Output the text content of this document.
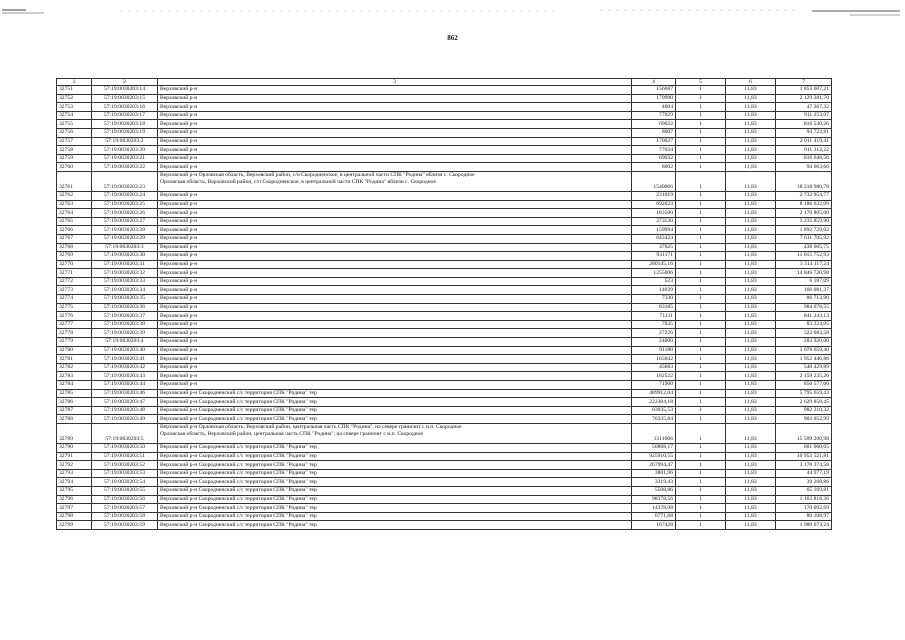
862
1	2	3	4	5	6	7
32751	57:19:0030203:14	Верховский р-н	156687	1	11,83	1 853 607,21
32752	57:19:0030203:15	Верховский р-н	179990	1	11,83	2 129 281,70
32753	57:19:0030203:16	Верховский р-н	4004	1	11,83	47 367,32
32754	57:19:0030203:17	Верховский р-н	77029	1	11,83	911 253,07
32755	57:19:0030203:18	Верховский р-н	69022	1	11,83	816 530,26
32756	57:19:0030203:19	Верховский р-н	8007	1	11,83	94 722,81
32757	57:19:0030203:2	Верховский р-н	170027	1	11,83	2 011 419,41
32758	57:19:0030203:20	Верховский р-н	77034	1	11,83	911 312,22
32759	57:19:0030203:21	Верховский р-н	69032	1	11,83	816 648,56
32760	57:19:0030203:22	Верховский р-н	8002	1	11,83	94 663,66
32761	57:19:0030203:23	Верховский р-н Орловская область, Верховский район, с/п Скородненское, в центральной части СПК "Родина" вблизи с. Скородное
Орловская область, Верховский район, с/п Скородненское, в центральной части СПК "Родина" вблизи с. Скородное	1540066	1	11,83	18 218 980,78
32762	57:19:0030203:24	Верховский р-н	231019	1	11,83	2 732 954,77
32763	57:19:0030203:25	Верховский р-н	692023	1	11,83	8 186 632,09
32764	57:19:0030203:26	Верховский р-н	183500	1	11,83	2 170 805,00
32765	57:19:0030203:27	Верховский р-н	273530	1	11,83	3 235 859,90
32766	57:19:0030203:28	Верховский р-н	159994	1	11,83	1 892 729,02
32767	57:19:0030203:29	Верховский р-н	643424	1	11,83	7 611 705,92
32768	57:19:0030203:3	Верховский р-н	37025	1	11,83	438 005,75
32769	57:19:0030203:30	Верховский р-н	931171	1	11,83	11 015 752,93
32770	57:19:0030203:31	Верховский р-н	280145,16	1	11,83	3 314 117,24
32771	57:19:0030203:32	Верховский р-н	1255006	1	11,83	14 846 720,98
32772	57:19:0030203:33	Верховский р-н	523	1	11,83	6 187,09
32773	57:19:0030203:34	Верховский р-н	14039	1	11,83	166 081,37
32774	57:19:0030203:35	Верховский р-н	7330	1	11,83	86 713,90
32775	57:19:0030203:36	Верховский р-н	83185	1	11,83	984 078,55
32776	57:19:0030203:37	Верховский р-н	71111	1	11,83	841 243,13
32777	57:19:0030203:38	Верховский р-н	7035	1	11,83	83 224,05
32778	57:19:0030203:39	Верховский р-н	27226	1	11,83	322 083,58
32779	57:19:0030203:4	Верховский р-н	24000	1	11,83	283 920,00
32780	57:19:0030203:40	Верховский р-н	91180	1	11,83	1 078 659,40
32781	57:19:0030203:41	Верховский р-н	165042	1	11,83	1 952 446,86
32782	57:19:0030203:42	Верховский р-н	45683	1	11,83	540 429,89
32783	57:19:0030203:43	Верховский р-н	182522	1	11,83	2 159 235,26
32784	57:19:0030203:44	Верховский р-н	71900	1	11,83	850 577,00
32785	57:19:0030203:46	Верховский р-н Скородненский с/с территория СПК "Родина" тер	489912,04	1	11,83	5 795 659,43
32786	57:19:0030203:47	Верховский р-н Скородненский с/с территория СПК "Родина" тер	222304,18	1	11,83	2 629 858,45
32787	57:19:0030203:48	Верховский р-н Скородненский с/с территория СПК "Родина" тер	83035,53	1	11,83	982 310,32
32788	57:19:0030203:49	Верховский р-н Скородненский с/с территория СПК "Родина" тер	76335,84	1	11,83	903 052,99
32789	57:19:0030203:5	Верховский р-н Орловская область, Верховский район, центральная часть СПК "Родина", на севере граничит с н.п. Скородное
Орловская область, Верховский район, центральная часть СПК "Родина", на севере граничит с н.п. Скородное	1311006	1	11,83	15 509 200,98
32790	57:19:0030203:50	Верховский р-н Скородненский с/с территория СПК "Родина" тер	50808,17	1	11,83	601 060,65
32791	57:19:0030203:51	Верховский р-н Скородненский с/с территория СПК "Родина" тер	925910,55	1	11,83	10 953 521,81
32792	57:19:0030203:52	Верховский р-н Скородненский с/с территория СПК "Родина" тер	267994,47	1	11,83	3 170 374,58
32793	57:19:0030203:53	Верховский р-н Скородненский с/с территория СПК "Родина" тер	3801,96	1	11,83	44 977,19
32794	57:19:0030203:54	Верховский р-н Скородненский с/с территория СПК "Родина" тер	3319,43	1	11,83	39 268,86
32795	57:19:0030203:55	Верховский р-н Скородненский с/с территория СПК "Родина" тер	5508,86	1	11,83	65 169,81
32796	57:19:0030203:56	Верховский р-н Скородненский с/с территория СПК "Родина" тер	98378,56	1	11,83	1 163 818,36
32797	57:19:0030203:57	Верховский р-н Скородненский с/с территория СПК "Родина" тер	14378,08	1	11,83	170 092,69
32798	57:19:0030203:58	Верховский р-н Скородненский с/с территория СПК "Родина" тер	6771,68	1	11,83	80 108,97
32799	57:19:0030203:59	Верховский р-н Скородненский с/с территория СПК "Родина" тер	167428	1	11,83	1 980 673,24
